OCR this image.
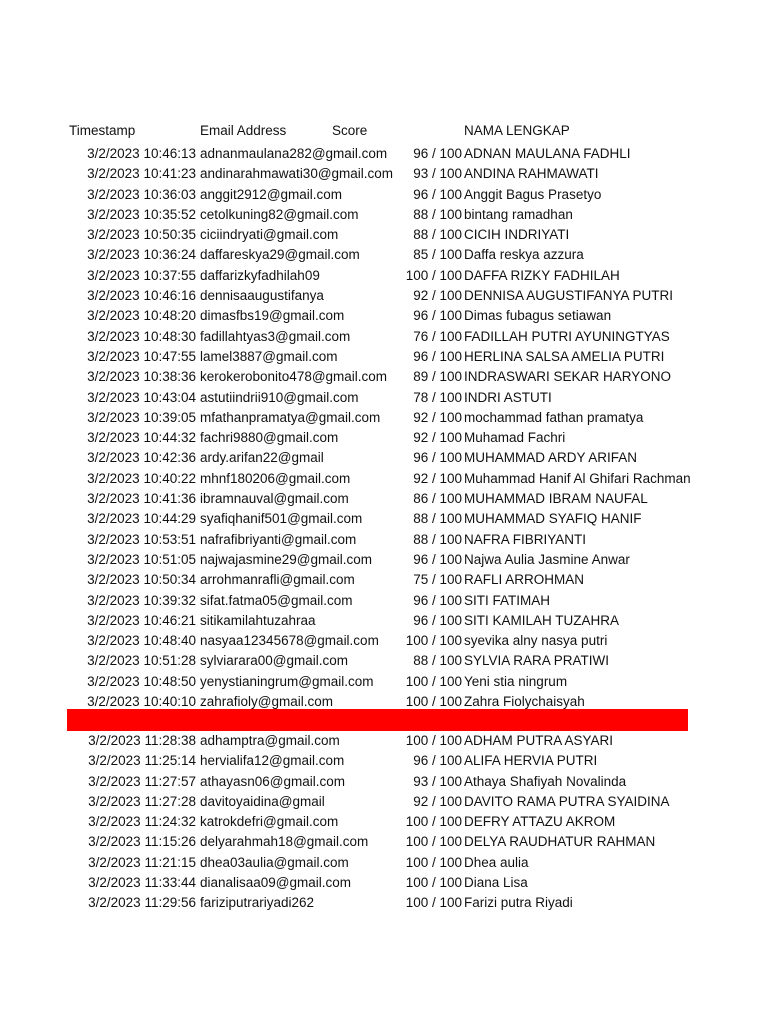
Timestamp	Email Address	Score	NAMA LENGKAP
3/2/2023 10:46:13 adnanmaulana282@gmail.com	96 / 100 ADNAN MAULANA FADHLI
3/2/2023 10:41:23 andinarahmawati30@gmail.com	93 / 100 ANDINA RAHMAWATI
3/2/2023 10:36:03 anggit2912@gmail.com	96 / 100 Anggit Bagus Prasetyo
3/2/2023 10:35:52 cetolkuning82@gmail.com	88 / 100 bintang ramadhan
3/2/2023 10:50:35 ciciindryati@gmail.com	88 / 100 CICIH INDRIYATI
3/2/2023 10:36:24 daffareskya29@gmail.com	85 / 100 Daffa reskya azzura
3/2/2023 10:37:55 daffarizkyfadhilah09	100 / 100 DAFFA RIZKY FADHILAH
3/2/2023 10:46:16 dennisaaugustifanya	92 / 100 DENNISA AUGUSTIFANYA PUTRI
3/2/2023 10:48:20 dimasfbs19@gmail.com	96 / 100 Dimas fubagus setiawan
3/2/2023 10:48:30 fadillahtyas3@gmail.com	76 / 100 FADILLAH PUTRI AYUNINGTYAS
3/2/2023 10:47:55 lamel3887@gmail.com	96 / 100 HERLINA SALSA AMELIA PUTRI
3/2/2023 10:38:36 kerokerobonito478@gmail.com	89 / 100 INDRASWARI SEKAR HARYONO
3/2/2023 10:43:04 astutiindrii910@gmail.com	78 / 100 INDRI ASTUTI
3/2/2023 10:39:05 mfathanpramatya@gmail.com	92 / 100 mochammad fathan pramatya
3/2/2023 10:44:32 fachri9880@gmail.com	92 / 100 Muhamad Fachri
3/2/2023 10:42:36 ardy.arifan22@gmail	96 / 100 MUHAMMAD ARDY ARIFAN
3/2/2023 10:40:22 mhnf180206@gmail.com	92 / 100 Muhammad Hanif Al Ghifari Rachman
3/2/2023 10:41:36 ibramnauval@gmail.com	86 / 100 MUHAMMAD IBRAM NAUFAL
3/2/2023 10:44:29 syafiqhanif501@gmail.com	88 / 100 MUHAMMAD SYAFIQ HANIF
3/2/2023 10:53:51 nafrafibriyanti@gmail.com	88 / 100 NAFRA FIBRIYANTI
3/2/2023 10:51:05 najwajasmine29@gmail.com	96 / 100 Najwa Aulia Jasmine Anwar
3/2/2023 10:50:34 arrohmanrafli@gmail.com	75 / 100 RAFLI ARROHMAN
3/2/2023 10:39:32 sifat.fatma05@gmail.com	96 / 100 SITI FATIMAH
3/2/2023 10:46:21 sitikamilahtuzahraa	96 / 100 SITI KAMILAH TUZAHRA
3/2/2023 10:48:40 nasyaa12345678@gmail.com	100 / 100 syevika alny nasya putri
3/2/2023 10:51:28 sylviarara00@gmail.com	88 / 100 SYLVIA RARA PRATIWI
3/2/2023 10:48:50 yenystianingrum@gmail.com	100 / 100 Yeni stia ningrum
3/2/2023 10:40:10 zahrafioly@gmail.com	100 / 100 Zahra Fiolychaisyah
3/2/2023 11:28:38 adhamptra@gmail.com	100 / 100 ADHAM PUTRA ASYARI
3/2/2023 11:25:14 hervialifa12@gmail.com	96 / 100 ALIFA HERVIA PUTRI
3/2/2023 11:27:57 athayasn06@gmail.com	93 / 100 Athaya Shafiyah Novalinda
3/2/2023 11:27:28 davitoyaidina@gmail	92 / 100 DAVITO RAMA PUTRA SYAIDINA
3/2/2023 11:24:32 katrokdefri@gmail.com	100 / 100 DEFRY ATTAZU AKROM
3/2/2023 11:15:26 delyarahmah18@gmail.com	100 / 100 DELYA RAUDHATUR RAHMAN
3/2/2023 11:21:15 dhea03aulia@gmail.com	100 / 100 Dhea aulia
3/2/2023 11:33:44 dianalisaa09@gmail.com	100 / 100 Diana Lisa
3/2/2023 11:29:56 fariziputrariyadi262	100 / 100 Farizi putra Riyadi
